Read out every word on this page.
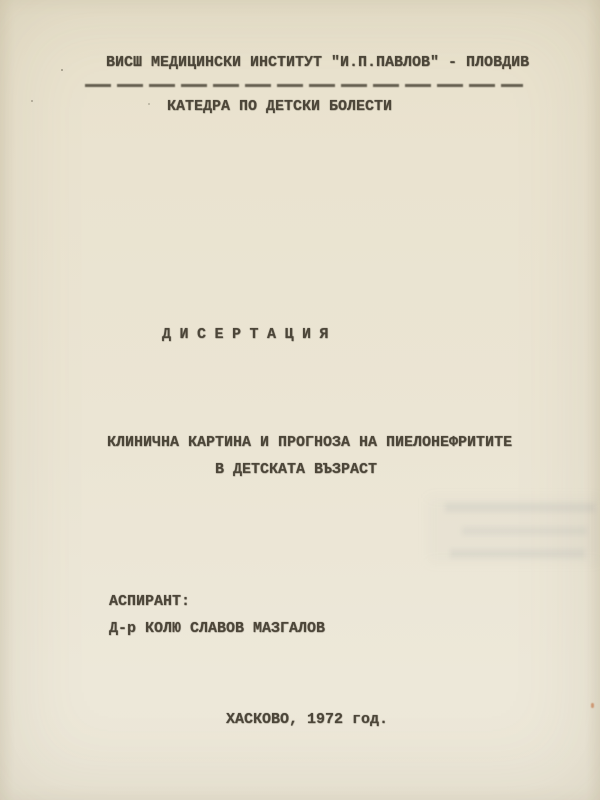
ВИСШ МЕДИЦИНСКИ ИНСТИТУТ "И.П.ПАВЛОВ" - ПЛОВДИВ
КАТЕДРА ПО ДЕТСКИ БОЛЕСТИ
ДИСЕРТАЦИЯ
КЛИНИЧНА КАРТИНА И ПРОГНОЗА НА ПИЕЛОНЕФРИТИТЕ
В ДЕТСКАТА ВЪЗРАСТ
АСПИРАНТ:
Д-р КОЛЮ СЛАВОВ МАЗГАЛОВ
ХАСКОВО, 1972 год.
